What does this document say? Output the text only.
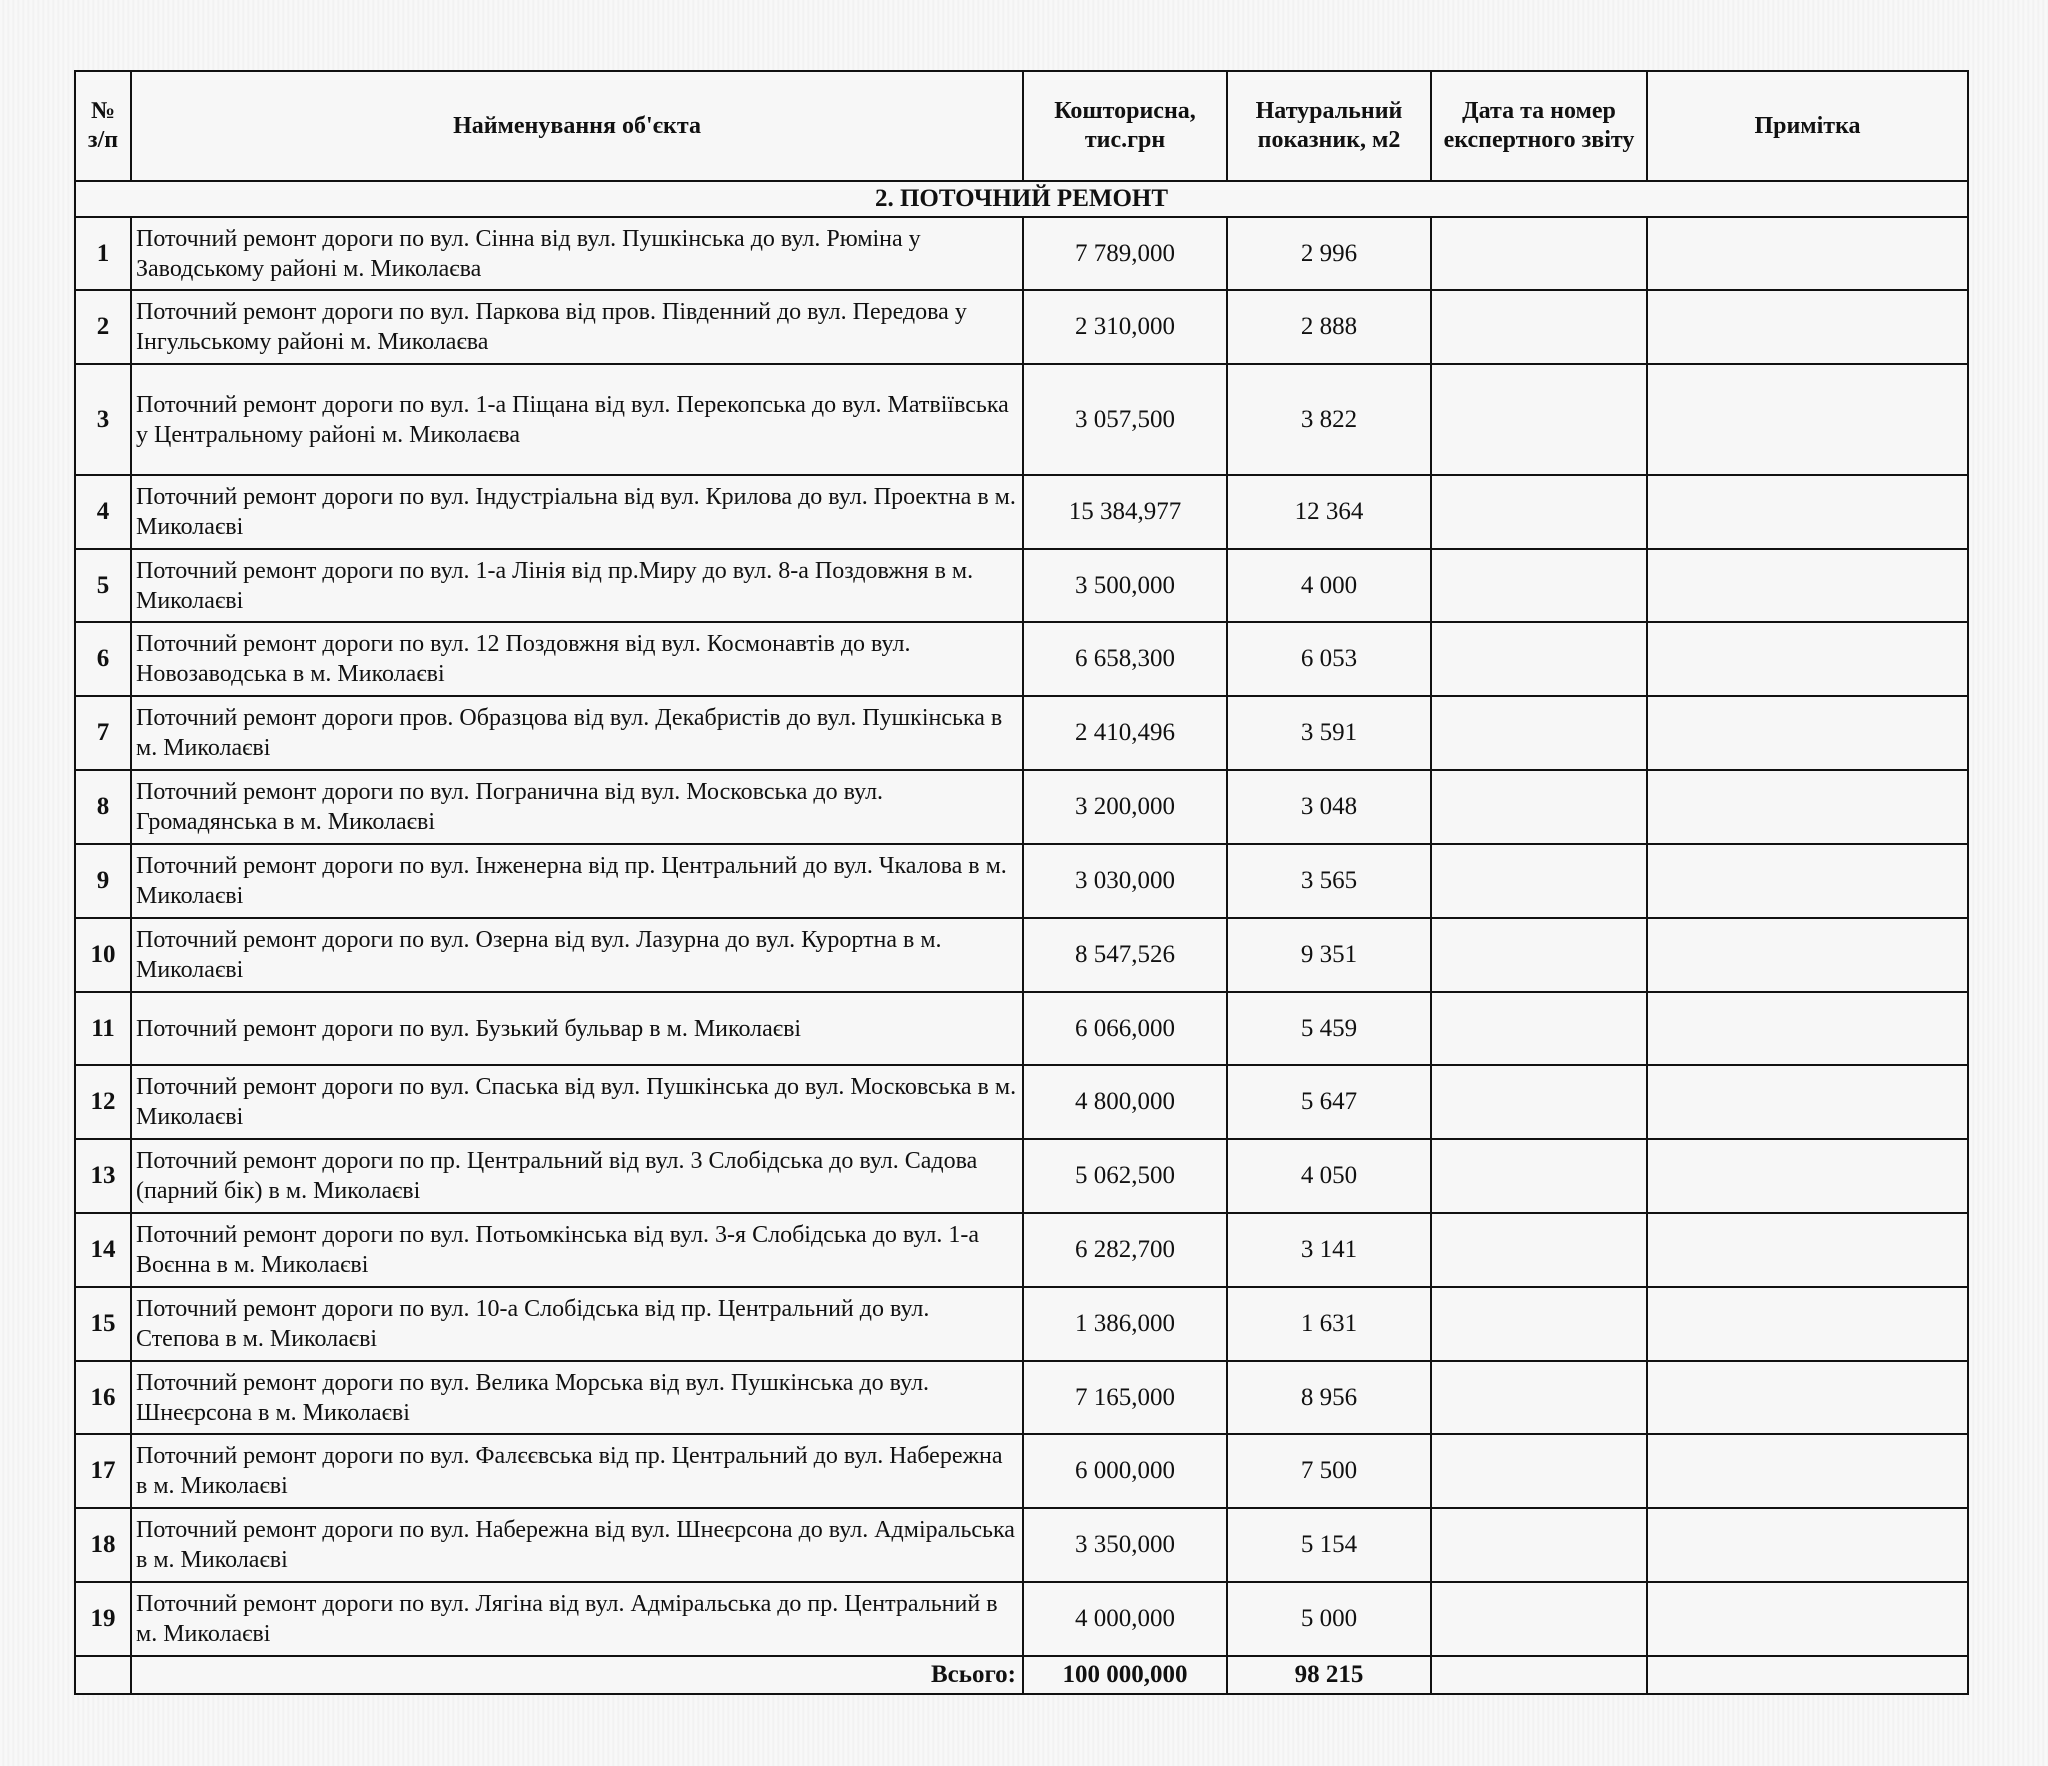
№ з/п	Найменування об'єкта	Кошторисна, тис.грн	Натуральний показник, м2	Дата та номер експертного звіту	Примітка
2. ПОТОЧНИЙ РЕМОНТ					
1	Поточний ремонт дороги по вул. Сінна від вул. Пушкінська до вул. Рюміна у Заводському районі м. Миколаєва	7 789,000	2 996		
2	Поточний ремонт дороги по вул. Паркова від пров. Південний до вул. Передова у Інгульському районі м. Миколаєва	2 310,000	2 888		
3	Поточний ремонт дороги по вул. 1-а Піщана від вул. Перекопська до вул. Матвіївська у Центральному районі м. Миколаєва	3 057,500	3 822		
4	Поточний ремонт дороги по вул. Індустріальна від вул. Крилова до вул. Проектна в м. Миколаєві	15 384,977	12 364		
5	Поточний ремонт дороги по вул. 1-а Лінія від пр.Миру до вул. 8-а Поздовжня в м. Миколаєві	3 500,000	4 000		
6	Поточний ремонт дороги по вул. 12 Поздовжня від вул. Космонавтів до вул. Новозаводська в м. Миколаєві	6 658,300	6 053		
7	Поточний ремонт дороги пров. Образцова від вул. Декабристів до вул. Пушкінська в м. Миколаєві	2 410,496	3 591		
8	Поточний ремонт дороги по вул. Погранична від вул. Московська до вул. Громадянська в м. Миколаєві	3 200,000	3 048		
9	Поточний ремонт дороги по вул. Інженерна від пр. Центральний до вул. Чкалова в м. Миколаєві	3 030,000	3 565		
10	Поточний ремонт дороги по вул. Озерна від вул. Лазурна до вул. Курортна в м. Миколаєві	8 547,526	9 351		
11	Поточний ремонт дороги по вул. Бузький бульвар в м. Миколаєві	6 066,000	5 459		
12	Поточний ремонт дороги по вул. Спаська від вул. Пушкінська до вул. Московська в м. Миколаєві	4 800,000	5 647		
13	Поточний ремонт дороги по пр. Центральний від вул. 3 Слобідська до вул. Садова (парний бік) в м. Миколаєві	5 062,500	4 050		
14	Поточний ремонт дороги по вул. Потьомкінська від вул. 3-я Слобідська до вул. 1-а Воєнна в м. Миколаєві	6 282,700	3 141		
15	Поточний ремонт дороги по вул. 10-а Слобідська від пр. Центральний до вул. Степова в м. Миколаєві	1 386,000	1 631		
16	Поточний ремонт дороги по вул. Велика Морська від вул. Пушкінська до вул. Шнеєрсона в м. Миколаєві	7 165,000	8 956		
17	Поточний ремонт дороги по вул. Фалєєвська від пр. Центральний до вул. Набережна в м. Миколаєві	6 000,000	7 500		
18	Поточний ремонт дороги по вул. Набережна від вул. Шнеєрсона до вул. Адміральська в м. Миколаєві	3 350,000	5 154		
19	Поточний ремонт дороги по вул. Лягіна від вул. Адміральська до пр. Центральний в м. Миколаєві	4 000,000	5 000		
	Всього:	100 000,000	98 215		
